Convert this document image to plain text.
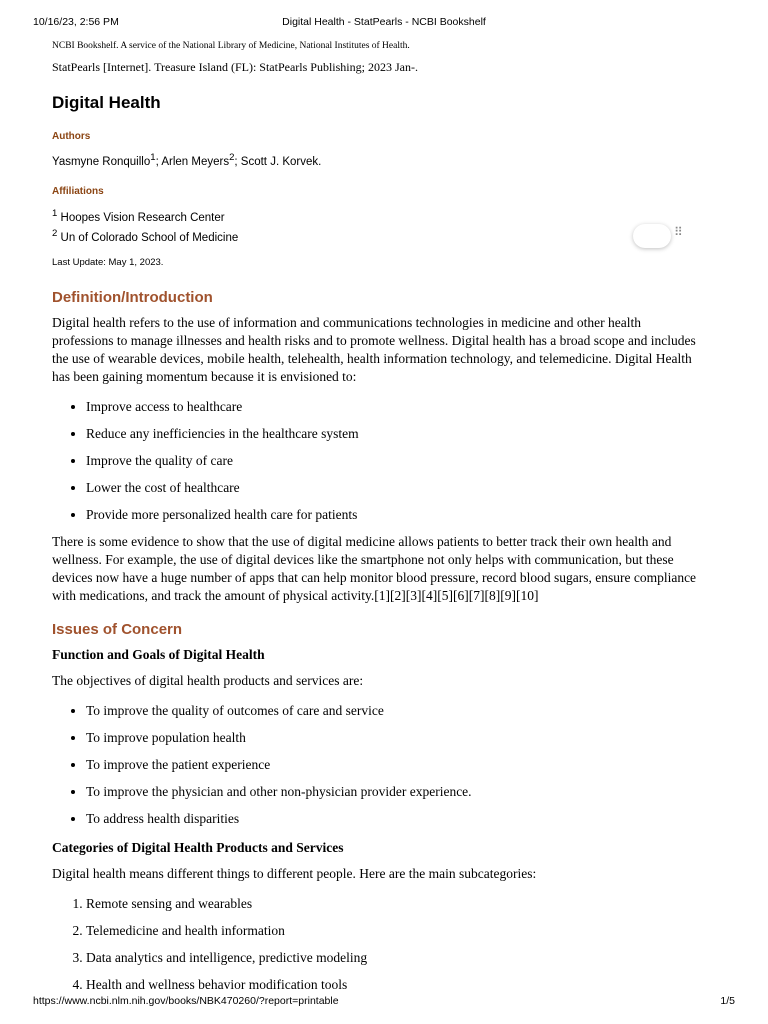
10/16/23, 2:56 PM	Digital Health - StatPearls - NCBI Bookshelf
⠿

NCBI Bookshelf. A service of the National Library of Medicine, National Institutes of Health.

StatPearls [Internet]. Treasure Island (FL): StatPearls Publishing; 2023 Jan-.

Digital Health
Authors
Yasmyne Ronquillo$^1$; Arlen Meyers$^2$; Scott J. Korvek.
Affiliations
$^1$ Hoopes Vision Research Center
$^2$ Un of Colorado School of Medicine
Last Update: May 1, 2023.
Definition/Introduction

Digital health refers to the use of information and communications technologies in medicine and other health professions to manage illnesses and health risks and to promote wellness. Digital health has a broad scope and includes the use of wearable devices, mobile health, telehealth, health information technology, and telemedicine. Digital Health has been gaining momentum because it is envisioned to:

• Improve access to healthcare
• Reduce any inefficiencies in the healthcare system
• Improve the quality of care
• Lower the cost of healthcare
• Provide more personalized health care for patients

There is some evidence to show that the use of digital medicine allows patients to better track their own health and wellness. For example, the use of digital devices like the smartphone not only helps with communication, but these devices now have a huge number of apps that can help monitor blood pressure, record blood sugars, ensure compliance with medications, and track the amount of physical activity.[1][2][3][4][5][6][7][8][9][10]

Issues of Concern
Function and Goals of Digital Health

The objectives of digital health products and services are:

• To improve the quality of outcomes of care and service
• To improve population health
• To improve the patient experience
• To improve the physician and other non-physician provider experience.
• To address health disparities
Categories of Digital Health Products and Services

Digital health means different things to different people. Here are the main subcategories:

1. Remote sensing and wearables
2. Telemedicine and health information
3. Data analytics and intelligence, predictive modeling
4. Health and wellness behavior modification tools
https://www.ncbi.nlm.nih.gov/books/NBK470260/?report=printable	1/5
